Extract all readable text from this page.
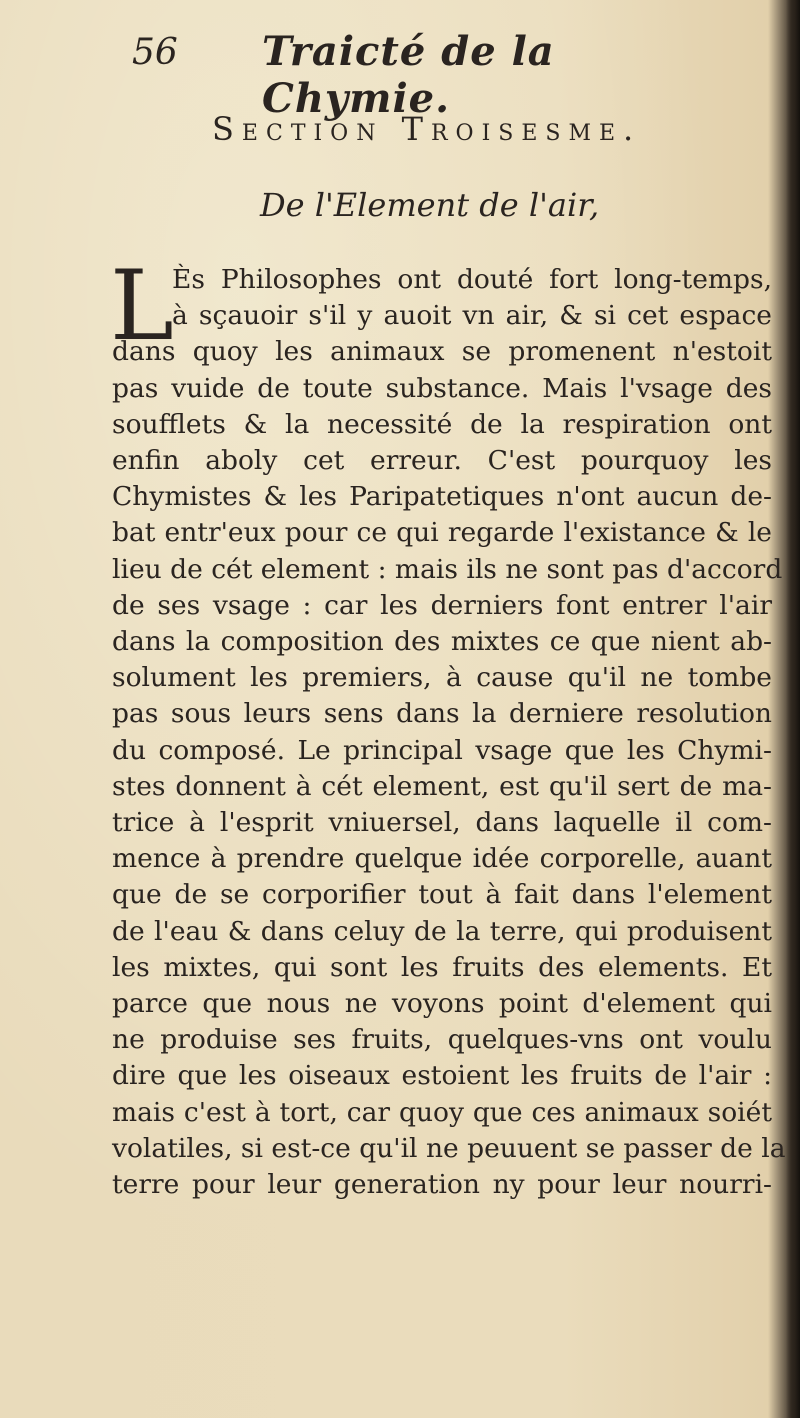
56 Traicté de la Chymie.
Section Troisesme.
De l'Element de l'air,
L

Ès Philosophes ont douté fort long-temps,
à sçauoir s'il y auoit vn air, & si cet espace
dans quoy les animaux se promenent n'estoit
pas vuide de toute substance. Mais l'vsage des
soufflets & la necessité de la respiration ont
enfin aboly cet erreur. C'est pourquoy les
Chymistes & les Paripatetiques n'ont aucun de-
bat entr'eux pour ce qui regarde l'existance & le
lieu de cét element : mais ils ne sont pas d'accord
de ses vsage : car les derniers font entrer l'air
dans la composition des mixtes ce que nient ab-
solument les premiers, à cause qu'il ne tombe
pas sous leurs sens dans la derniere resolution
du composé. Le principal vsage que les Chymi-
stes donnent à cét element, est qu'il sert de ma-
trice à l'esprit vniuersel, dans laquelle il com-
mence à prendre quelque idée corporelle, auant
que de se corporifier tout à fait dans l'element
de l'eau & dans celuy de la terre, qui produisent
les mixtes, qui sont les fruits des elements. Et
parce que nous ne voyons point d'element qui
ne produise ses fruits, quelques-vns ont voulu
dire que les oiseaux estoient les fruits de l'air :
mais c'est à tort, car quoy que ces animaux soiét
volatiles, si est-ce qu'il ne peuuent se passer de la
terre pour leur generation ny pour leur nourri-
